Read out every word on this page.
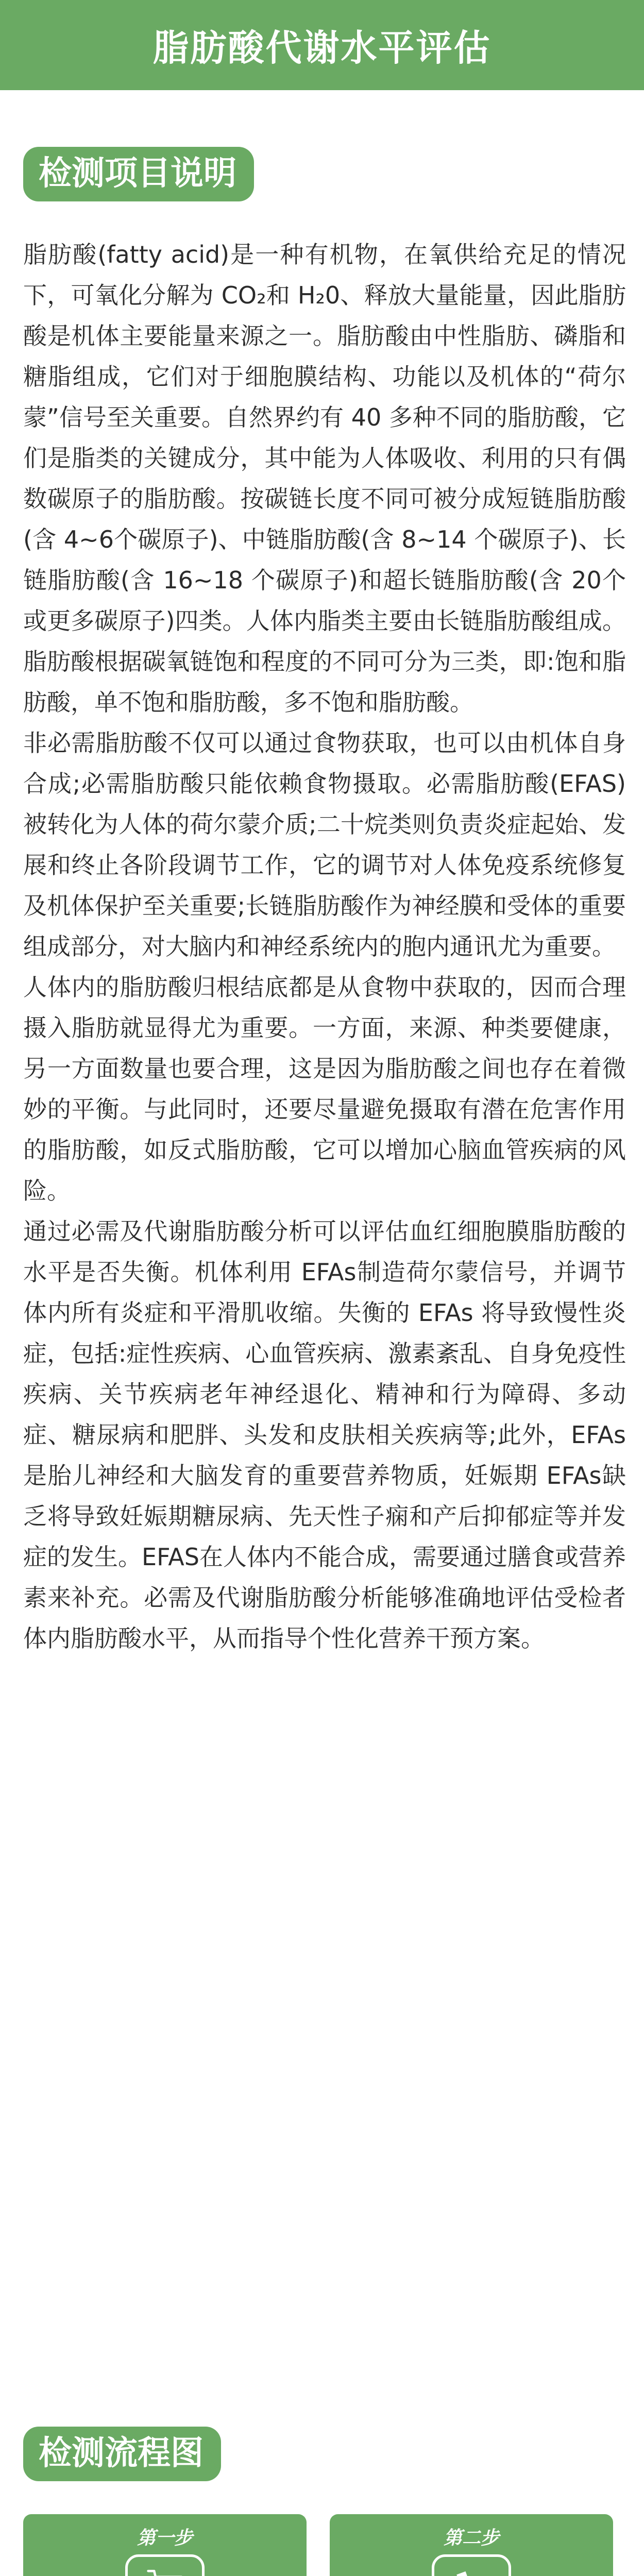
脂肪酸代谢水平评估
检测项目说明

脂肪酸(fatty acid)是一种有机物，在氧供给充足的情况下，可氧化分解为 CO₂和 H₂0、释放大量能量，因此脂肪酸是机体主要能量来源之一。脂肪酸由中性脂肪、磷脂和糖脂组成，它们对于细胞膜结构、功能以及机体的“荷尔蒙”信号至关重要。自然界约有 40 多种不同的脂肪酸，它们是脂类的关键成分，其中能为人体吸收、利用的只有偶数碳原子的脂肪酸。按碳链长度不同可被分成短链脂肪酸(含 4~6个碳原子)、中链脂肪酸(含 8~14 个碳原子)、长链脂肪酸(含 16~18 个碳原子)和超长链脂肪酸(含 20个或更多碳原子)四类。人体内脂类主要由长链脂肪酸组成。脂肪酸根据碳氧链饱和程度的不同可分为三类，即:饱和脂肪酸，单不饱和脂肪酸，多不饱和脂肪酸。

非必需脂肪酸不仅可以通过食物获取，也可以由机体自身合成;必需脂肪酸只能依赖食物摄取。必需脂肪酸(EFAS)被转化为人体的荷尔蒙介质;二十烷类则负责炎症起始、发展和终止各阶段调节工作，它的调节对人体免疫系统修复及机体保护至关重要;长链脂肪酸作为神经膜和受体的重要组成部分，对大脑内和神经系统内的胞内通讯尤为重要。

人体内的脂肪酸归根结底都是从食物中获取的，因而合理摄入脂肪就显得尤为重要。一方面，来源、种类要健康，另一方面数量也要合理，这是因为脂肪酸之间也存在着微妙的平衡。与此同时，还要尽量避免摄取有潜在危害作用的脂肪酸，如反式脂肪酸，它可以增加心脑血管疾病的风险。

通过必需及代谢脂肪酸分析可以评估血红细胞膜脂肪酸的水平是否失衡。机体利用 EFAs制造荷尔蒙信号，并调节体内所有炎症和平滑肌收缩。失衡的 EFAs 将导致慢性炎症，包括:症性疾病、心血管疾病、激素紊乱、自身免疫性疾病、关节疾病老年神经退化、精神和行为障碍、多动症、糖尿病和肥胖、头发和皮肤相关疾病等;此外，EFAs是胎儿神经和大脑发育的重要营养物质，妊娠期 EFAs缺乏将导致妊娠期糖尿病、先天性子痫和产后抑郁症等并发症的发生。EFAS在人体内不能合成，需要通过膳食或营养素来补充。必需及代谢脂肪酸分析能够准确地评估受检者体内脂肪酸水平，从而指导个性化营养干预方案。

检测流程图
第一步	第二步
